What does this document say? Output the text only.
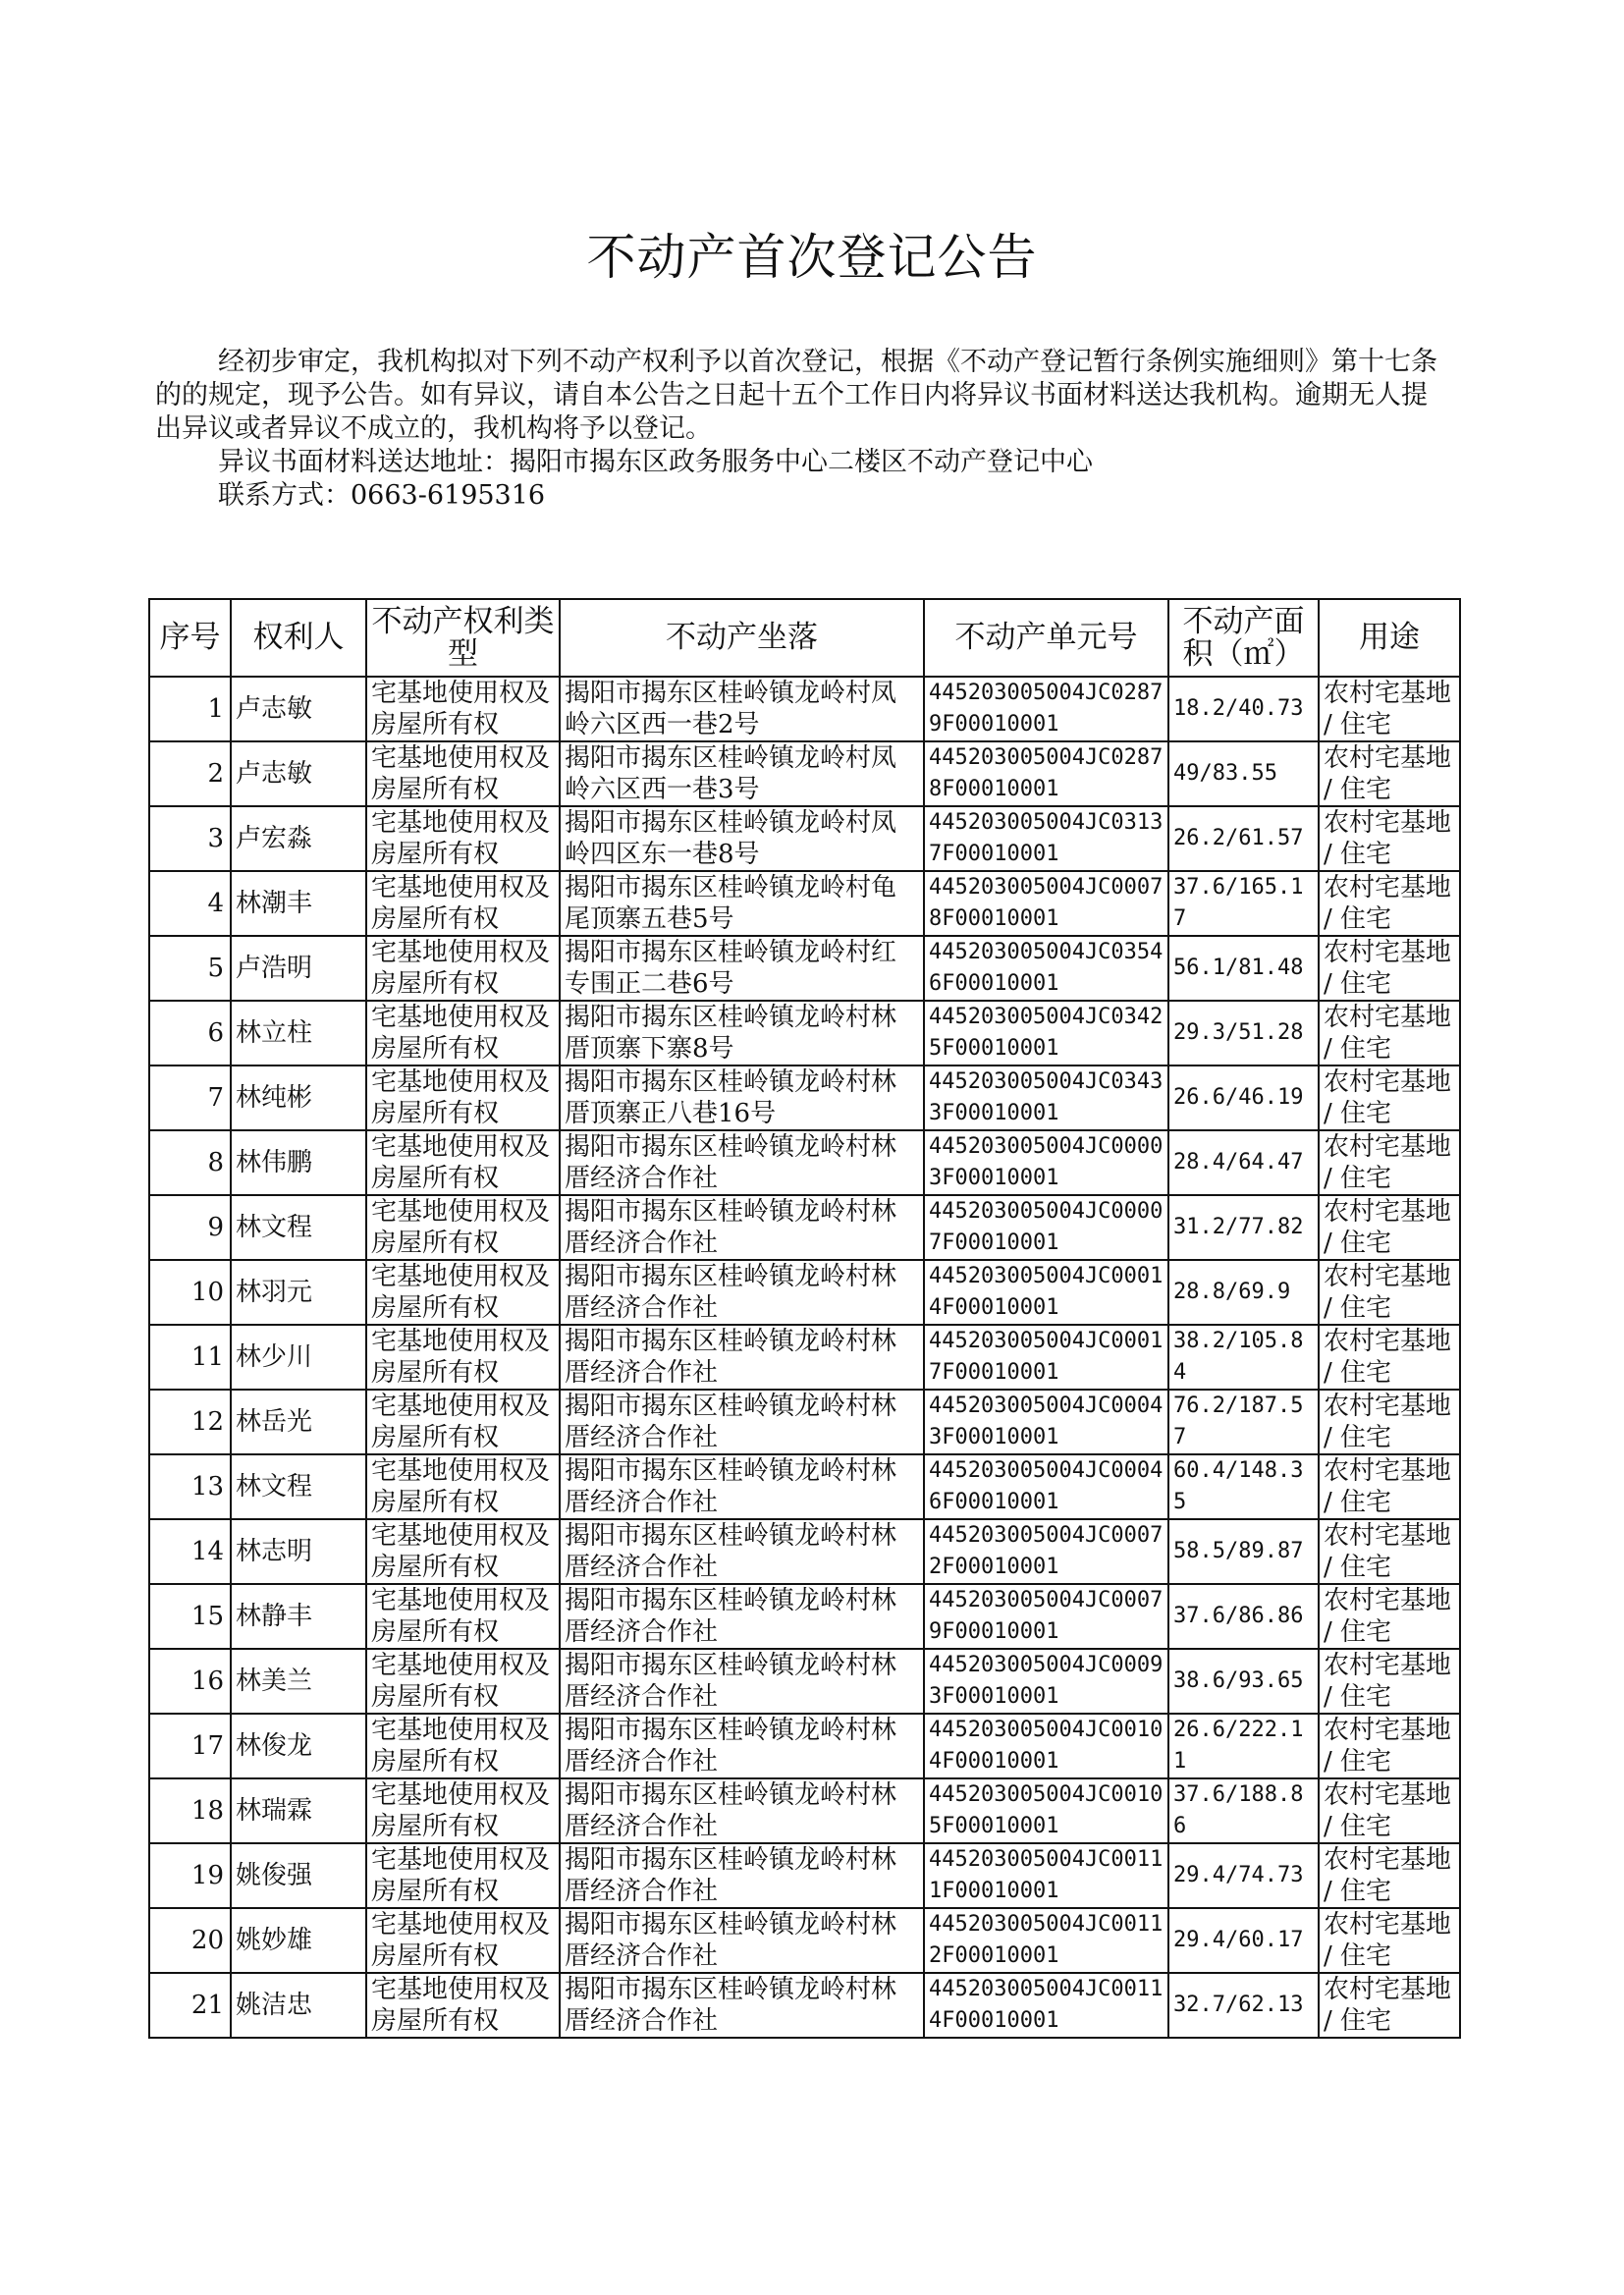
不动产首次登记公告

经初步审定，我机构拟对下列不动产权利予以首次登记，根据《不动产登记暂行条例实施细则》第十七条的的规定，现予公告。如有异议，请自本公告之日起十五个工作日内将异议书面材料送达我机构。逾期无人提出异议或者异议不成立的，我机构将予以登记。

异议书面材料送达地址：揭阳市揭东区政务服务中心二楼区不动产登记中心
联系方式：0663-6195316
序号	权利人	不动产权利类型	不动产坐落	不动产单元号	不动产面积（㎡）	用途
1	卢志敏	宅基地使用权及房屋所有权	揭阳市揭东区桂岭镇龙岭村凤岭六区西一巷2号	445203005004JC02879F00010001	18.2/40.73	农村宅基地 / 住宅
2	卢志敏	宅基地使用权及房屋所有权	揭阳市揭东区桂岭镇龙岭村凤岭六区西一巷3号	445203005004JC02878F00010001	49/83.55	农村宅基地 / 住宅
3	卢宏淼	宅基地使用权及房屋所有权	揭阳市揭东区桂岭镇龙岭村凤岭四区东一巷8号	445203005004JC03137F00010001	26.2/61.57	农村宅基地 / 住宅
4	林潮丰	宅基地使用权及房屋所有权	揭阳市揭东区桂岭镇龙岭村龟尾顶寨五巷5号	445203005004JC00078F00010001	37.6/165.17	农村宅基地 / 住宅
5	卢浩明	宅基地使用权及房屋所有权	揭阳市揭东区桂岭镇龙岭村红专围正二巷6号	445203005004JC03546F00010001	56.1/81.48	农村宅基地 / 住宅
6	林立柱	宅基地使用权及房屋所有权	揭阳市揭东区桂岭镇龙岭村林厝顶寨下寨8号	445203005004JC03425F00010001	29.3/51.28	农村宅基地 / 住宅
7	林纯彬	宅基地使用权及房屋所有权	揭阳市揭东区桂岭镇龙岭村林厝顶寨正八巷16号	445203005004JC03433F00010001	26.6/46.19	农村宅基地 / 住宅
8	林伟鹏	宅基地使用权及房屋所有权	揭阳市揭东区桂岭镇龙岭村林厝经济合作社	445203005004JC00003F00010001	28.4/64.47	农村宅基地 / 住宅
9	林文程	宅基地使用权及房屋所有权	揭阳市揭东区桂岭镇龙岭村林厝经济合作社	445203005004JC00007F00010001	31.2/77.82	农村宅基地 / 住宅
10	林羽元	宅基地使用权及房屋所有权	揭阳市揭东区桂岭镇龙岭村林厝经济合作社	445203005004JC00014F00010001	28.8/69.9	农村宅基地 / 住宅
11	林少川	宅基地使用权及房屋所有权	揭阳市揭东区桂岭镇龙岭村林厝经济合作社	445203005004JC00017F00010001	38.2/105.84	农村宅基地 / 住宅
12	林岳光	宅基地使用权及房屋所有权	揭阳市揭东区桂岭镇龙岭村林厝经济合作社	445203005004JC00043F00010001	76.2/187.57	农村宅基地 / 住宅
13	林文程	宅基地使用权及房屋所有权	揭阳市揭东区桂岭镇龙岭村林厝经济合作社	445203005004JC00046F00010001	60.4/148.35	农村宅基地 / 住宅
14	林志明	宅基地使用权及房屋所有权	揭阳市揭东区桂岭镇龙岭村林厝经济合作社	445203005004JC00072F00010001	58.5/89.87	农村宅基地 / 住宅
15	林静丰	宅基地使用权及房屋所有权	揭阳市揭东区桂岭镇龙岭村林厝经济合作社	445203005004JC00079F00010001	37.6/86.86	农村宅基地 / 住宅
16	林美兰	宅基地使用权及房屋所有权	揭阳市揭东区桂岭镇龙岭村林厝经济合作社	445203005004JC00093F00010001	38.6/93.65	农村宅基地 / 住宅
17	林俊龙	宅基地使用权及房屋所有权	揭阳市揭东区桂岭镇龙岭村林厝经济合作社	445203005004JC00104F00010001	26.6/222.11	农村宅基地 / 住宅
18	林瑞霖	宅基地使用权及房屋所有权	揭阳市揭东区桂岭镇龙岭村林厝经济合作社	445203005004JC00105F00010001	37.6/188.86	农村宅基地 / 住宅
19	姚俊强	宅基地使用权及房屋所有权	揭阳市揭东区桂岭镇龙岭村林厝经济合作社	445203005004JC00111F00010001	29.4/74.73	农村宅基地 / 住宅
20	姚妙雄	宅基地使用权及房屋所有权	揭阳市揭东区桂岭镇龙岭村林厝经济合作社	445203005004JC00112F00010001	29.4/60.17	农村宅基地 / 住宅
21	姚洁忠	宅基地使用权及房屋所有权	揭阳市揭东区桂岭镇龙岭村林厝经济合作社	445203005004JC00114F00010001	32.7/62.13	农村宅基地 / 住宅
